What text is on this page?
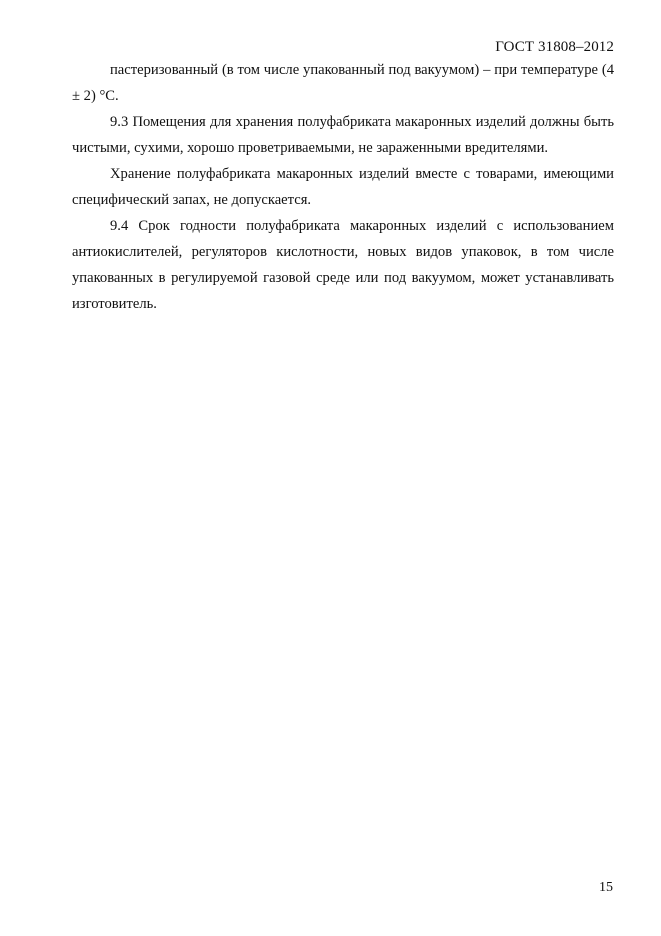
ГОСТ 31808–2012

пастеризованный (в том числе упакованный под вакуумом) – при температуре (4 ± 2) °С.

9.3 Помещения для хранения полуфабриката макаронных изделий должны быть чистыми, сухими, хорошо проветриваемыми, не зараженными вредителями.

Хранение полуфабриката макаронных изделий вместе с товарами, имеющими специфический запах, не допускается.

9.4 Срок годности полуфабриката макаронных изделий с использованием антиокислителей, регуляторов кислотности, новых видов упаковок, в том числе упакованных в регулируемой газовой среде или под вакуумом, может устанавливать изготовитель.

15
